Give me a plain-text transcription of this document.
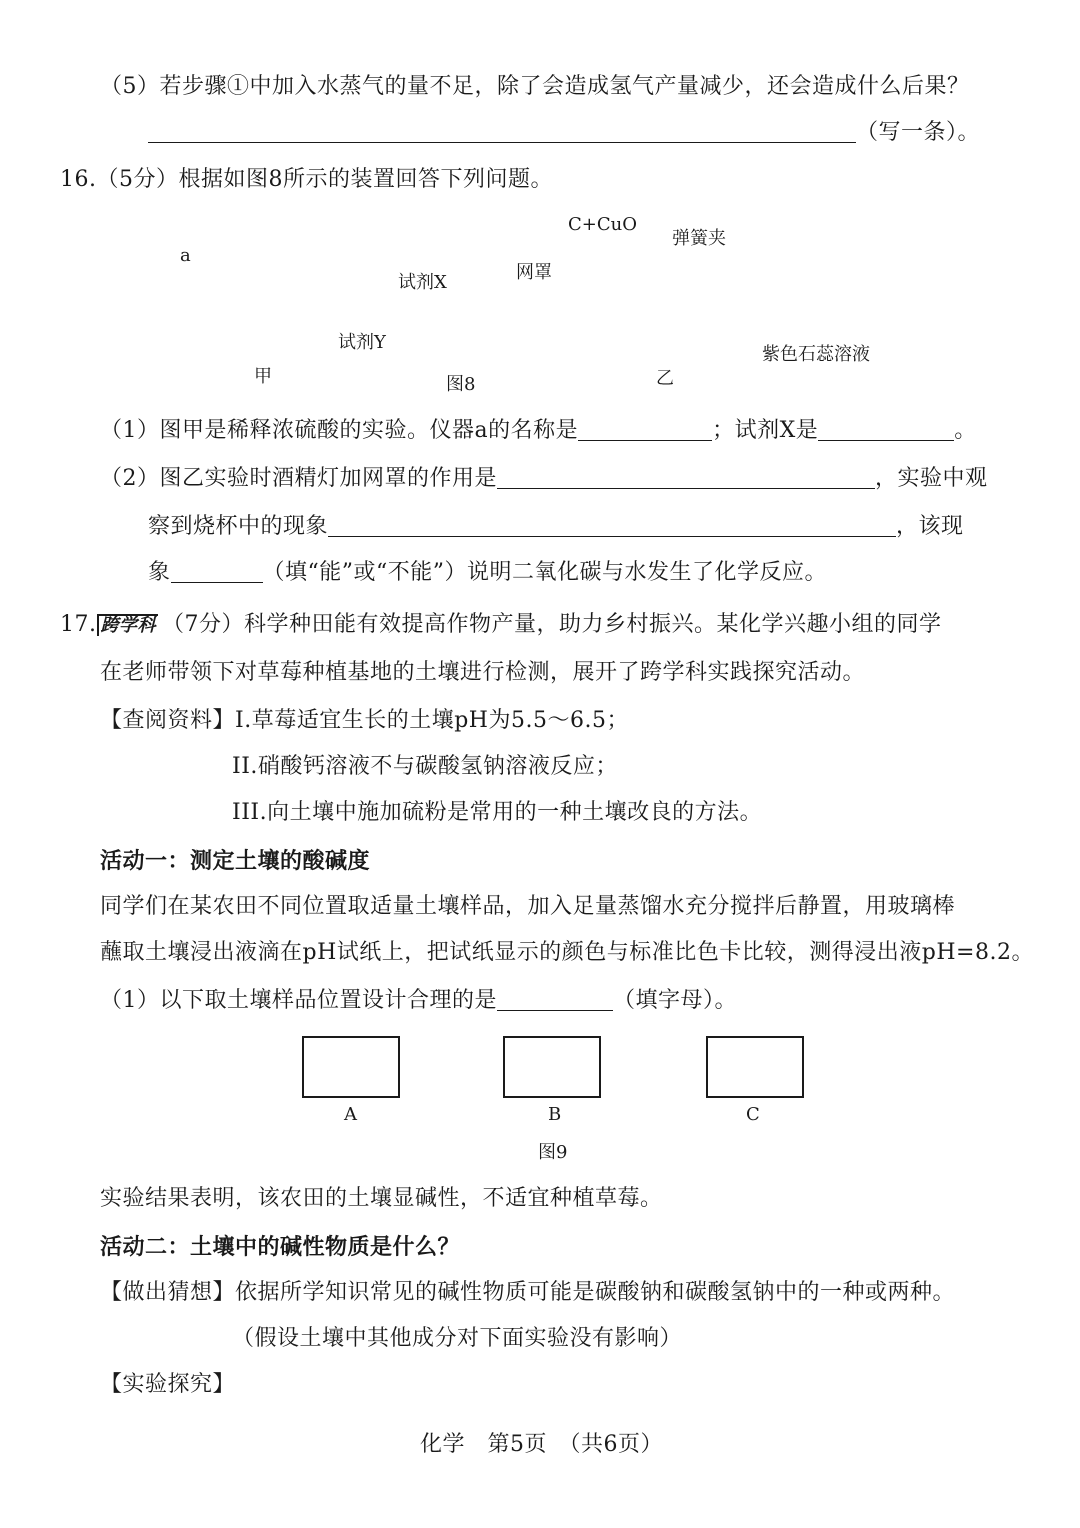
（5）若步骤①中加入水蒸气的量不足，除了会造成氢气产量减少，还会造成什么后果？
（写一条）。
16.（5分）根据如图8所示的装置回答下列问题。
a
试剂X
试剂Y
甲	图8
C+CuO
弹簧夹
网罩
紫色石蕊溶液
乙
（1）图甲是稀释浓硫酸的实验。仪器a的名称是	；试剂X是	。
（2）图乙实验时酒精灯加网罩的作用是	，实验中观
察到烧杯中的现象	，该现
象	（填“能”或“不能”）说明二氧化碳与水发生了化学反应。
17. 跨学科 （7分）科学种田能有效提高作物产量，助力乡村振兴。某化学兴趣小组的同学
在老师带领下对草莓种植基地的土壤进行检测，展开了跨学科实践探究活动。
【查阅资料】I.草莓适宜生长的土壤pH为5.5～6.5；
II.硝酸钙溶液不与碳酸氢钠溶液反应；
III.向土壤中施加硫粉是常用的一种土壤改良的方法。
活动一：测定土壤的酸碱度
同学们在某农田不同位置取适量土壤样品，加入足量蒸馏水充分搅拌后静置，用玻璃棒
蘸取土壤浸出液滴在pH试纸上，把试纸显示的颜色与标准比色卡比较，测得浸出液pH=8.2。
（1）以下取土壤样品位置设计合理的是	（填字母）。
A	B	C
图9
实验结果表明，该农田的土壤显碱性，不适宜种植草莓。
活动二：土壤中的碱性物质是什么？
【做出猜想】依据所学知识常见的碱性物质可能是碳酸钠和碳酸氢钠中的一种或两种。
（假设土壤中其他成分对下面实验没有影响）
【实验探究】
化学　第5页　（共6页）
